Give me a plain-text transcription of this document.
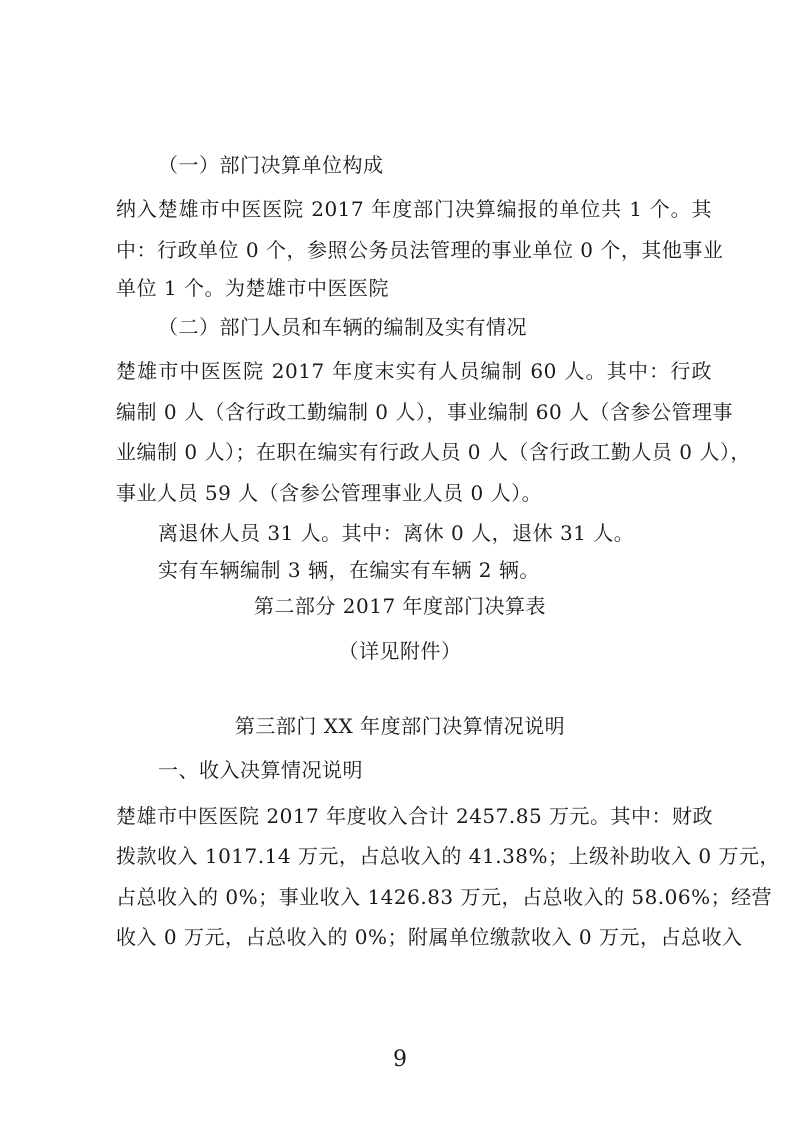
（一）部门决算单位构成
纳入楚雄市中医医院 2017 年度部门决算编报的单位共 1 个。其
中：行政单位 0 个，参照公务员法管理的事业单位 0 个，其他事业
单位 1 个。为楚雄市中医医院
（二）部门人员和车辆的编制及实有情况
楚雄市中医医院 2017 年度末实有人员编制 60 人。其中：行政
编制 0 人（含行政工勤编制 0 人），事业编制 60 人（含参公管理事
业编制 0 人）；在职在编实有行政人员 0 人（含行政工勤人员 0 人），
事业人员 59 人（含参公管理事业人员 0 人）。
离退休人员 31 人。其中：离休 0 人，退休 31 人。
实有车辆编制 3 辆，在编实有车辆 2 辆。
第二部分 2017 年度部门决算表
（详见附件）
第三部门 XX 年度部门决算情况说明
一、收入决算情况说明
楚雄市中医医院 2017 年度收入合计 2457.85 万元。其中：财政
拨款收入 1017.14 万元，占总收入的 41.38%；上级补助收入 0 万元，
占总收入的 0%；事业收入 1426.83 万元，占总收入的 58.06%；经营
收入 0 万元，占总收入的 0%；附属单位缴款收入 0 万元，占总收入
9
